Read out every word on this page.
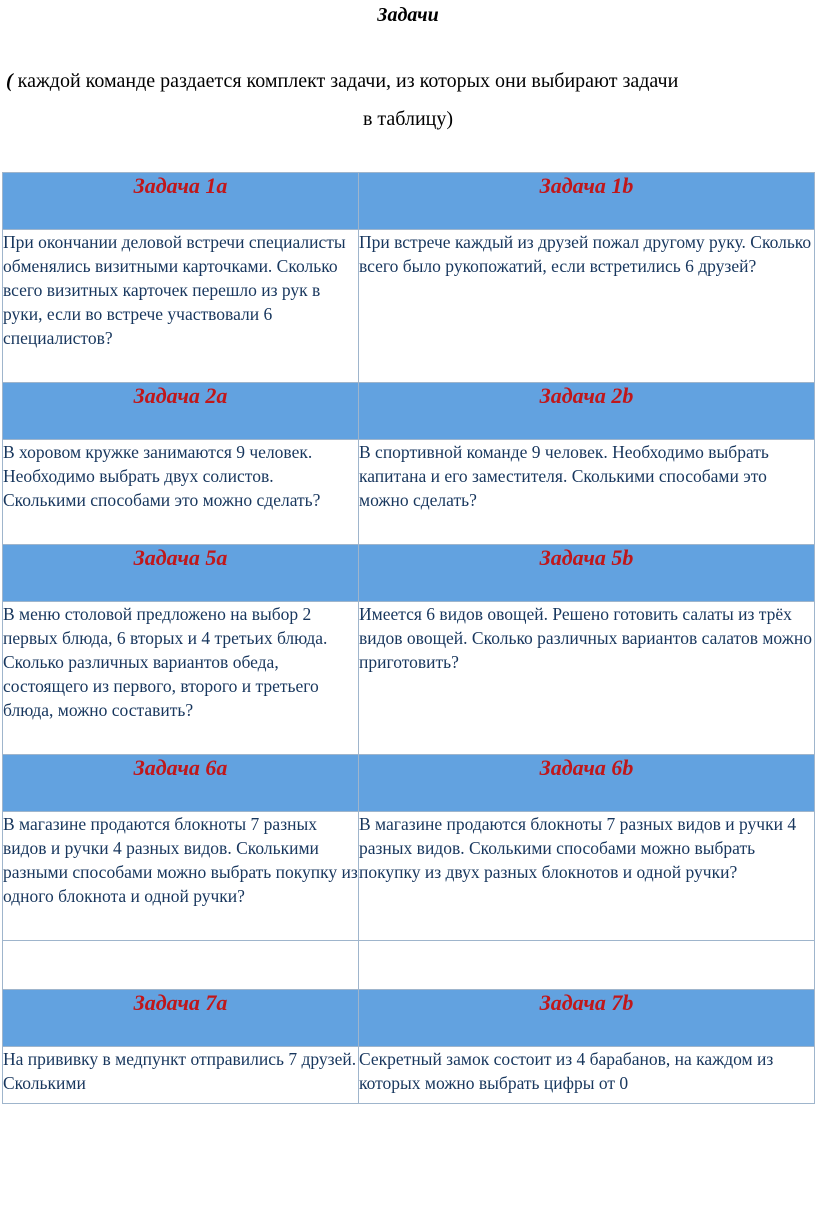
Задачи
( каждой команде раздается комплект задачи, из которых они выбирают задачи
в таблицу)
Задача 1a	Задача 1b
При окончании деловой встречи специалисты обменялись визитными карточками. Сколько всего визитных карточек перешло из рук в руки, если во встрече участвовали 6 специалистов?	При встрече каждый из друзей пожал другому руку. Сколько всего было рукопожатий, если встретились 6 друзей?
Задача 2a	Задача 2b
В хоровом кружке занимаются 9 человек. Необходимо выбрать двух солистов. Сколькими способами это можно сделать?	В спортивной команде 9 человек. Необходимо выбрать капитана и его заместителя. Сколькими способами это можно сделать?
Задача 5a	Задача 5b
В меню столовой предложено на выбор 2 первых блюда, 6 вторых и 4 третьих блюда. Сколько различных вариантов обеда, состоящего из первого, второго и третьего блюда, можно составить?	Имеется 6 видов овощей. Решено готовить салаты из трёх видов овощей. Сколько различных вариантов салатов можно приготовить?
Задача 6a	Задача 6b
В магазине продаются блокноты 7 разных видов и ручки 4 разных видов. Сколькими разными способами можно выбрать покупку из одного блокнота и одной ручки?	В магазине продаются блокноты 7 разных видов и ручки 4 разных видов. Сколькими способами можно выбрать покупку из двух разных блокнотов и одной ручки?

Задача 7a	Задача 7b
На прививку в медпункт отправились 7 друзей. Сколькими	Секретный замок состоит из 4 барабанов, на каждом из которых можно выбрать цифры от 0
